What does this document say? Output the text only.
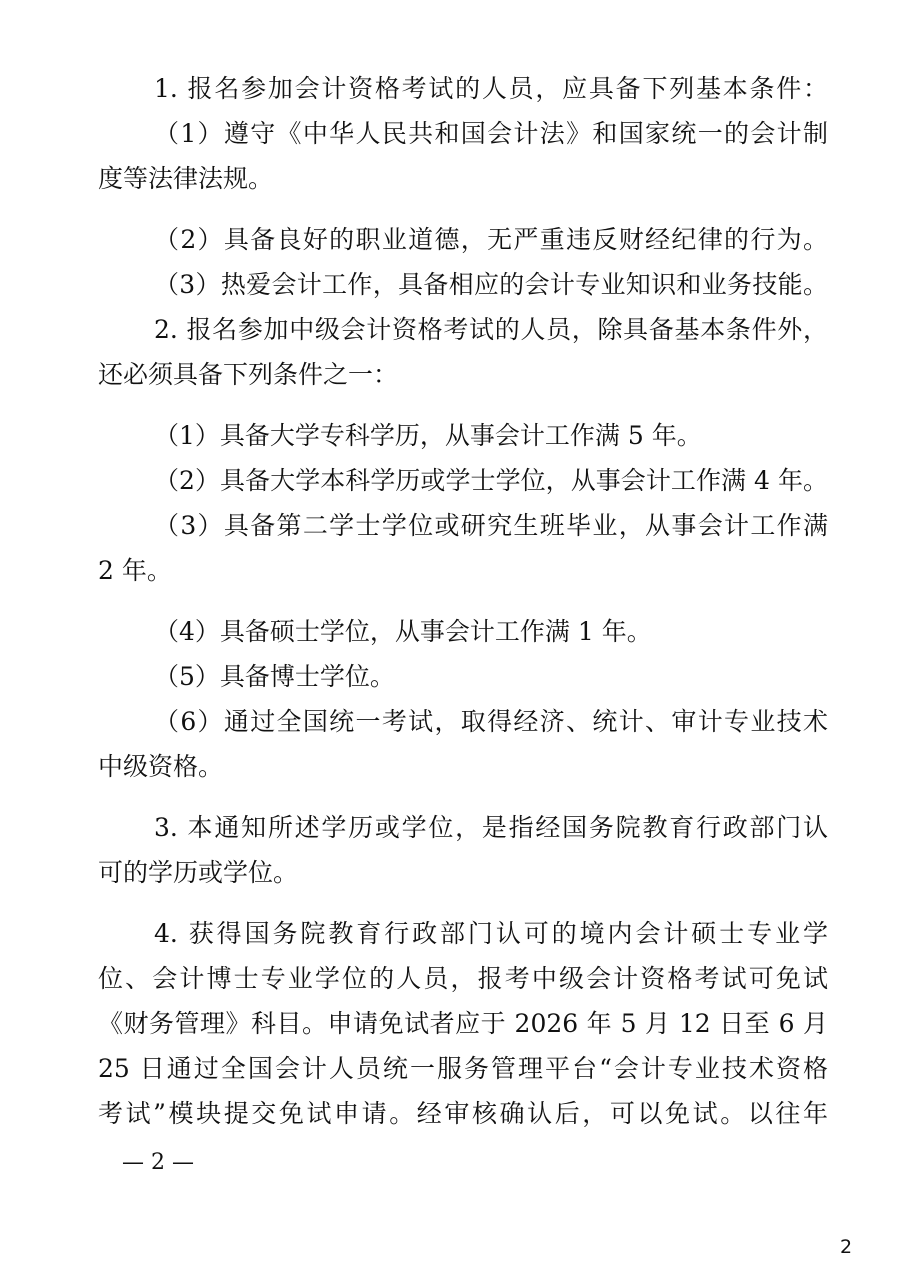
1. 报名参加会计资格考试的人员，应具备下列基本条件：
（1）遵守《中华人民共和国会计法》和国家统一的会计制
度等法律法规。
（2）具备良好的职业道德，无严重违反财经纪律的行为。
（3）热爱会计工作，具备相应的会计专业知识和业务技能。
2. 报名参加中级会计资格考试的人员，除具备基本条件外，
还必须具备下列条件之一：
（1）具备大学专科学历，从事会计工作满 5 年。
（2）具备大学本科学历或学士学位，从事会计工作满 4 年。
（3）具备第二学士学位或研究生班毕业，从事会计工作满
2 年。
（4）具备硕士学位，从事会计工作满 1 年。
（5）具备博士学位。
（6）通过全国统一考试，取得经济、统计、审计专业技术
中级资格。
3. 本通知所述学历或学位，是指经国务院教育行政部门认
可的学历或学位。
4. 获得国务院教育行政部门认可的境内会计硕士专业学
位、会计博士专业学位的人员，报考中级会计资格考试可免试
《财务管理》科目。申请免试者应于 2026 年 5 月 12 日至 6 月
25 日通过全国会计人员统一服务管理平台“会计专业技术资格
考试”模块提交免试申请。经审核确认后，可以免试。以往年
— 2 —
2
